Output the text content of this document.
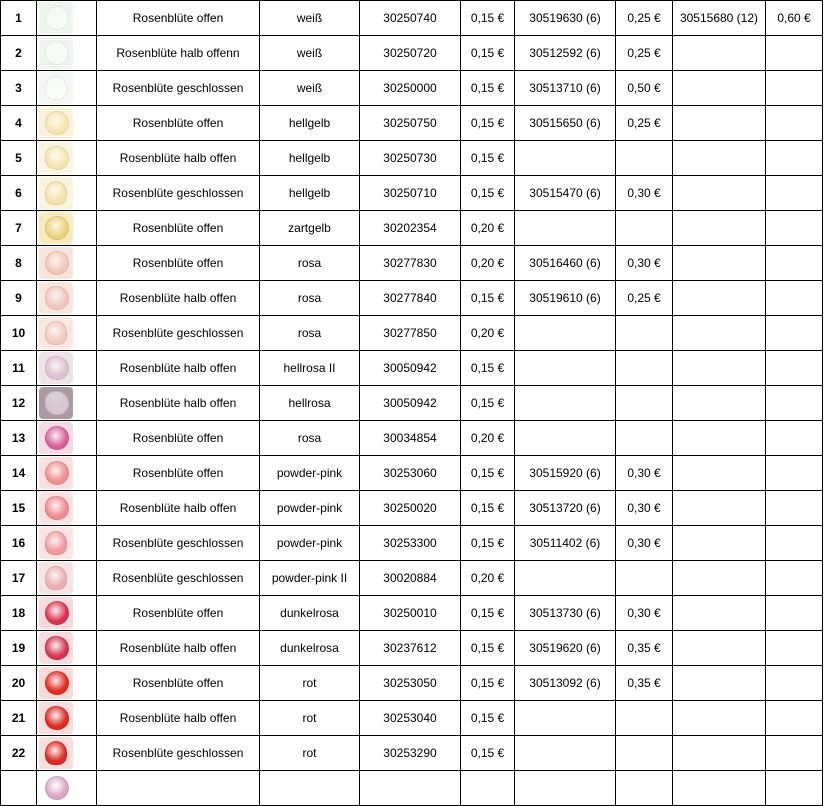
1		Rosenblüte offen	weiß	30250740	0,15 €	30519630 (6)	0,25 €	30515680 (12)	0,60 €

2		Rosenblüte halb offenn	weiß	30250720	0,15 €	30512592 (6)	0,25 €		

3		Rosenblüte geschlossen	weiß	30250000	0,15 €	30513710 (6)	0,50 €		

4		Rosenblüte offen	hellgelb	30250750	0,15 €	30515650 (6)	0,25 €		

5		Rosenblüte halb offen	hellgelb	30250730	0,15 €				

6		Rosenblüte geschlossen	hellgelb	30250710	0,15 €	30515470 (6)	0,30 €		

7		Rosenblüte offen	zartgelb	30202354	0,20 €				

8		Rosenblüte offen	rosa	30277830	0,20 €	30516460 (6)	0,30 €		

9		Rosenblüte halb offen	rosa	30277840	0,15 €	30519610 (6)	0,25 €		

10		Rosenblüte geschlossen	rosa	30277850	0,20 €				

11		Rosenblüte halb offen	hellrosa II	30050942	0,15 €				

12		Rosenblüte halb offen	hellrosa	30050942	0,15 €				

13		Rosenblüte offen	rosa	30034854	0,20 €				

14		Rosenblüte offen	powder-pink	30253060	0,15 €	30515920 (6)	0,30 €		

15		Rosenblüte halb offen	powder-pink	30250020	0,15 €	30513720 (6)	0,30 €		

16		Rosenblüte geschlossen	powder-pink	30253300	0,15 €	30511402 (6)	0,30 €		

17		Rosenblüte geschlossen	powder-pink II	30020884	0,20 €				

18		Rosenblüte offen	dunkelrosa	30250010	0,15 €	30513730 (6)	0,30 €		

19		Rosenblüte halb offen	dunkelrosa	30237612	0,15 €	30519620 (6)	0,35 €		

20		Rosenblüte offen	rot	30253050	0,15 €	30513092 (6)	0,35 €		

21		Rosenblüte halb offen	rot	30253040	0,15 €				

22		Rosenblüte geschlossen	rot	30253290	0,15 €				
